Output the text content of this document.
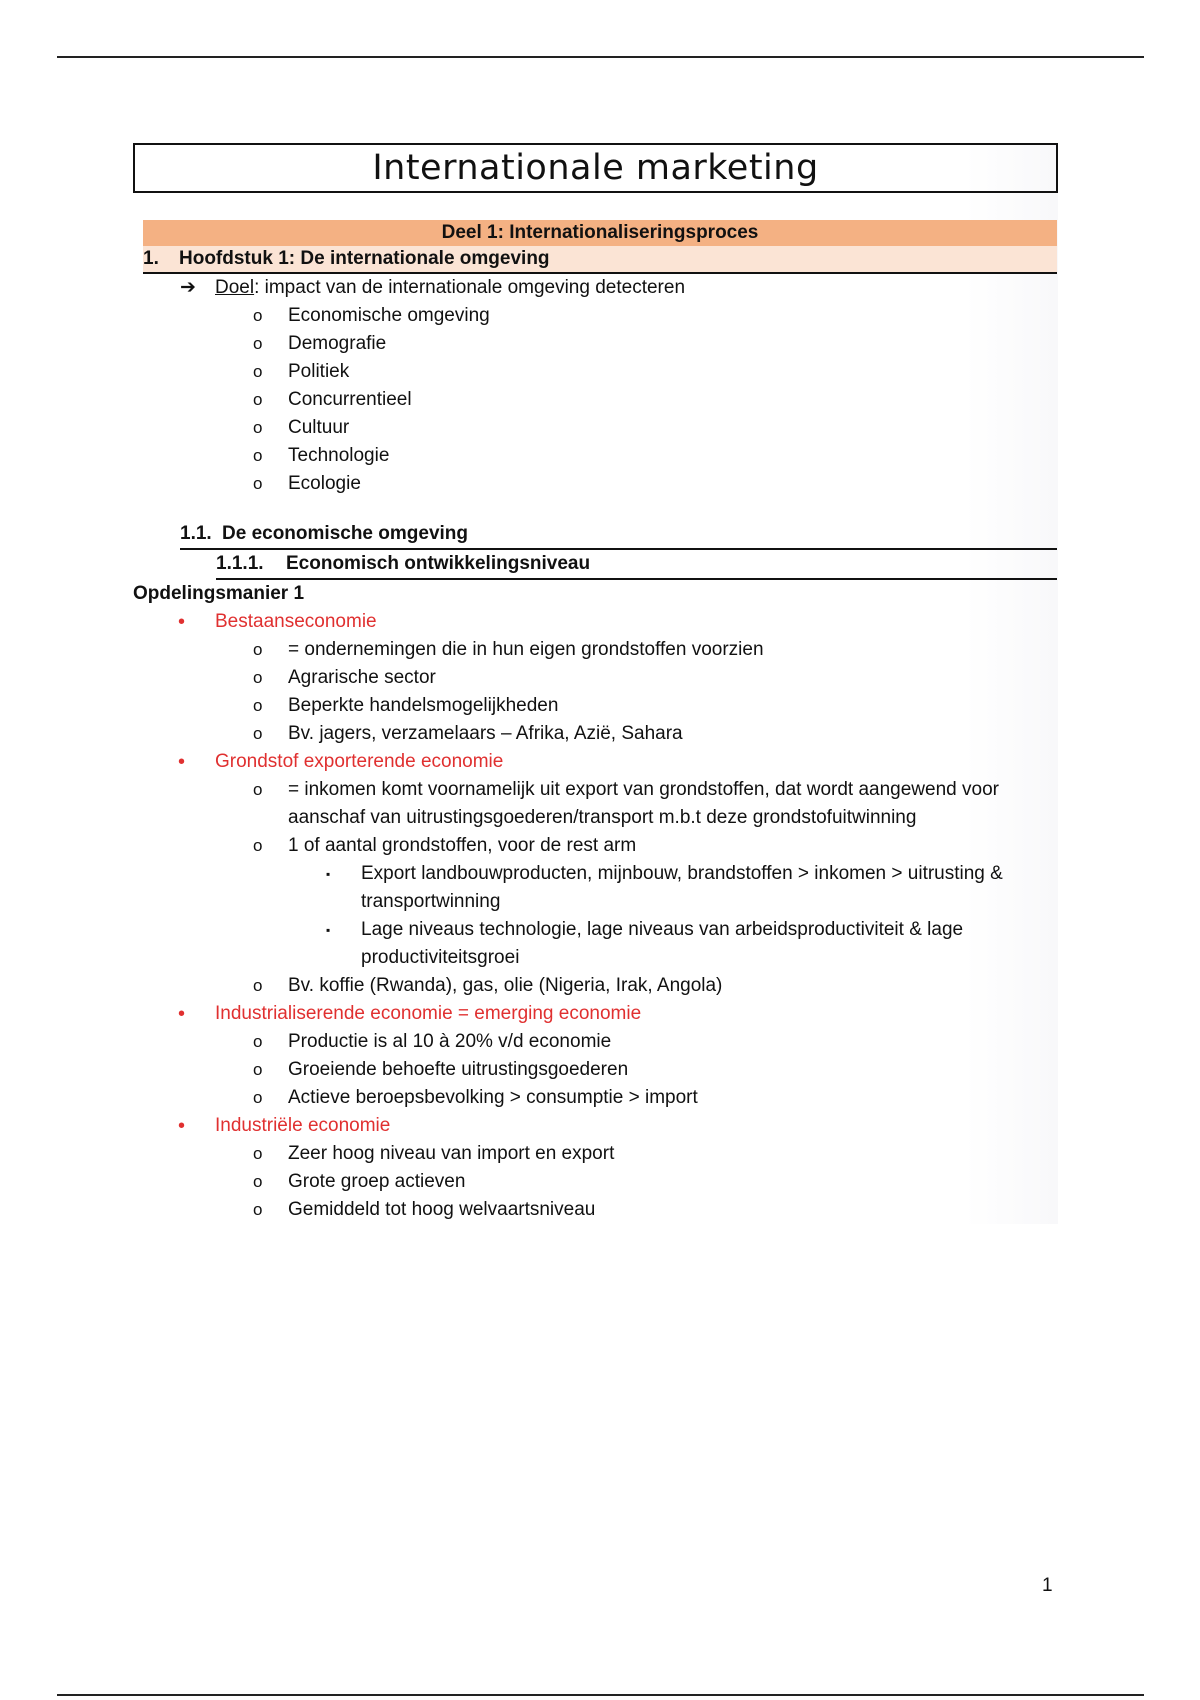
Internationale marketing
Deel 1: Internationaliseringsproces
1. Hoofdstuk 1: De internationale omgeving
➔ Doel: impact van de internationale omgeving detecteren
o Economische omgeving
o Demografie
o Politiek
o Concurrentieel
o Cultuur
o Technologie
o Ecologie
1.1. De economische omgeving
1.1.1. Economisch ontwikkelingsniveau
Opdelingsmanier 1
• Bestaanseconomie
o = ondernemingen die in hun eigen grondstoffen voorzien
o Agrarische sector
o Beperkte handelsmogelijkheden
o Bv. jagers, verzamelaars – Afrika, Azië, Sahara
• Grondstof exporterende economie
o = inkomen komt voornamelijk uit export van grondstoffen, dat wordt aangewend voor aanschaf van uitrustingsgoederen/transport m.b.t deze grondstofuitwinning
o 1 of aantal grondstoffen, voor de rest arm
▪ Export landbouwproducten, mijnbouw, brandstoffen > inkomen > uitrusting & transportwinning
▪ Lage niveaus technologie, lage niveaus van arbeidsproductiviteit & lage productiviteitsgroei
o Bv. koffie (Rwanda), gas, olie (Nigeria, Irak, Angola)
• Industrialiserende economie = emerging economie
o Productie is al 10 à 20% v/d economie
o Groeiende behoefte uitrustingsgoederen
o Actieve beroepsbevolking > consumptie > import
• Industriële economie
o Zeer hoog niveau van import en export
o Grote groep actieven
o Gemiddeld tot hoog welvaartsniveau
1
